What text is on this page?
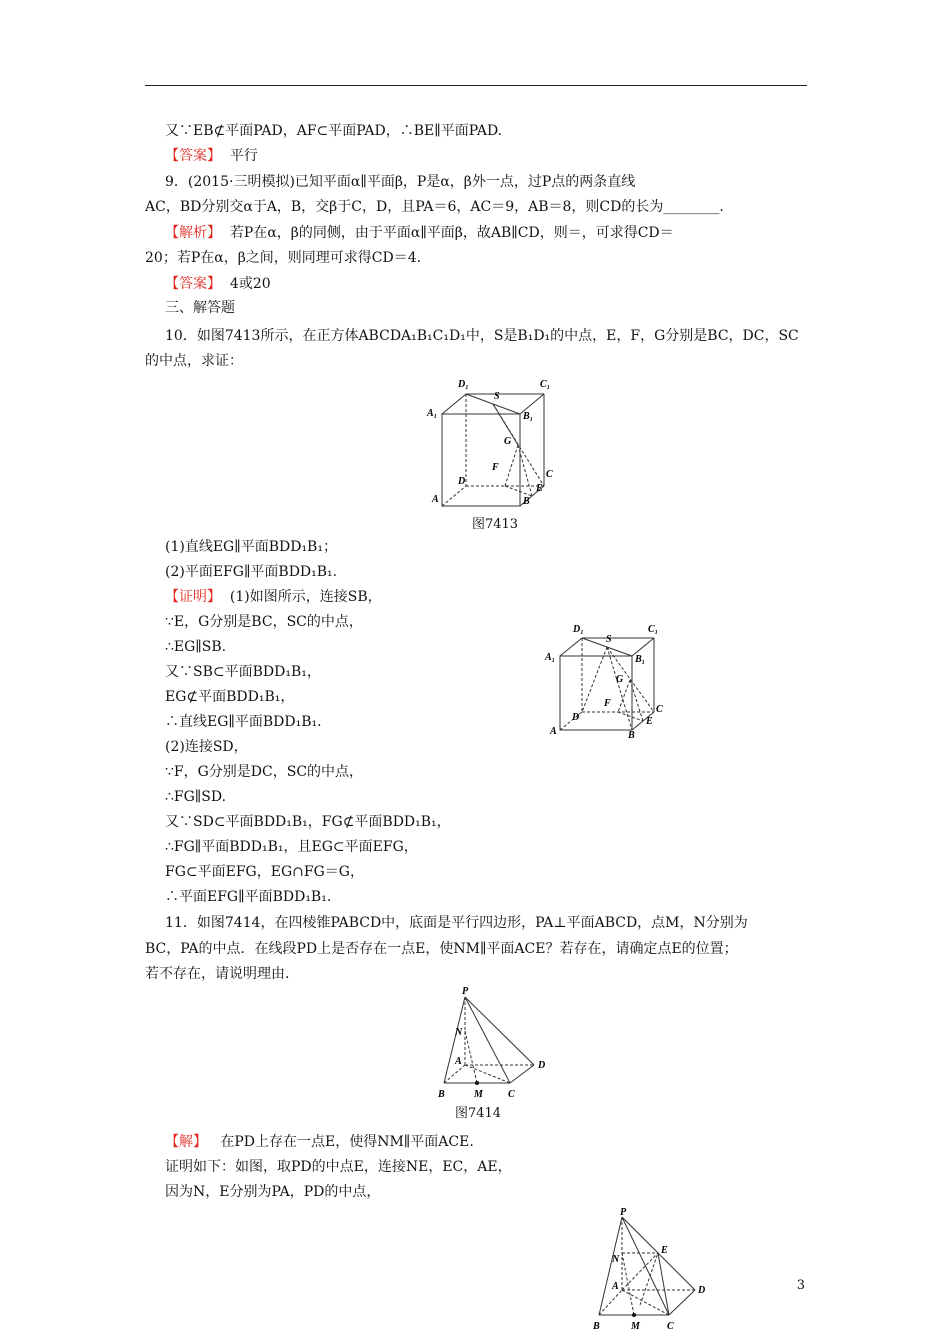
又∵EB⊄平面PAD，AF⊂平面PAD，∴BE∥平面PAD.
【答案】 平行
9．(2015·三明模拟)已知平面α∥平面β，P是α，β外一点，过P点的两条直线
AC，BD分别交α于A，B，交β于C，D，且PA＝6，AC＝9，AB＝8，则CD的长为________.
【解析】 若P在α，β的同侧，由于平面α∥平面β，故AB∥CD，则＝，可求得CD＝
20；若P在α，β之间，则同理可求得CD＝4.
【答案】 4或20
三、解答题
10．如图7413所示，在正方体ABCDA₁B₁C₁D₁中，S是B₁D₁的中点，E，F，G分别是BC，DC，SC
的中点，求证：
D₁	C₁
A₁	B₁
S
G
F
D
C
A	B
E
图7413
(1)直线EG∥平面BDD₁B₁；
(2)平面EFG∥平面BDD₁B₁.
【证明】 (1)如图所示，连接SB，
∵E，G分别是BC，SC的中点，
∴EG∥SB.
又∵SB⊂平面BDD₁B₁，
EG⊄平面BDD₁B₁，
∴直线EG∥平面BDD₁B₁.
(2)连接SD，
∵F，G分别是DC，SC的中点，
∴FG∥SD.
又∵SD⊂平面BDD₁B₁，FG⊄平面BDD₁B₁，
∴FG∥平面BDD₁B₁，且EG⊂平面EFG，
FG⊂平面EFG，EG∩FG＝G，
∴平面EFG∥平面BDD₁B₁.
D₁	C₁
A₁	B₁
S
G
F
D
C
A	B
E
11．如图7414，在四棱锥PABCD中，底面是平行四边形，PA⊥平面ABCD，点M，N分别为
BC，PA的中点．在线段PD上是否存在一点E，使NM∥平面ACE？若存在，请确定点E的位置；
若不存在，请说明理由.
P
N
A	D
B	M	C
图7414
【解】 在PD上存在一点E，使得NM∥平面ACE.
证明如下：如图，取PD的中点E，连接NE，EC，AE，
因为N，E分别为PA，PD的中点，
P
E
N
A	D
B	M	C
3
